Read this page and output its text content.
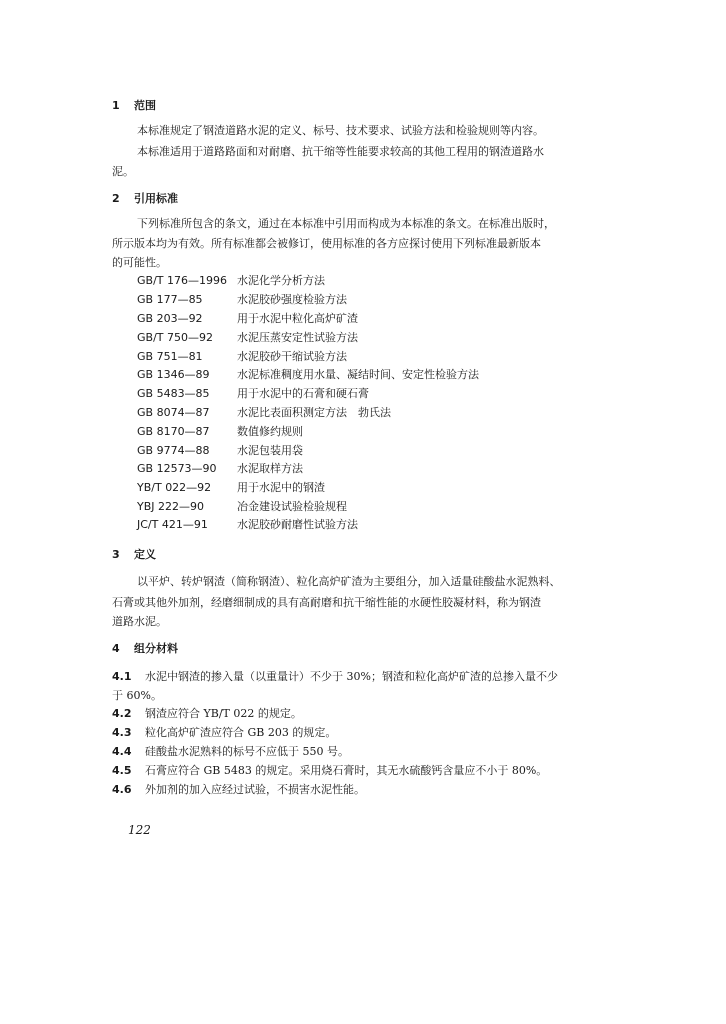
1 范围
本标准规定了钢渣道路水泥的定义、标号、技术要求、试验方法和检验规则等内容。
本标准适用于道路路面和对耐磨、抗干缩等性能要求较高的其他工程用的钢渣道路水
泥。
2 引用标准
下列标准所包含的条文，通过在本标准中引用而构成为本标准的条文。在标准出版时，
所示版本均为有效。所有标准都会被修订，使用标准的各方应探讨使用下列标准最新版本
的可能性。
GB/T 176—1996 水泥化学分析方法
GB 177—85	水泥胶砂强度检验方法
GB 203—92	用于水泥中粒化高炉矿渣
GB/T 750—92 水泥压蒸安定性试验方法
GB 751—81	水泥胶砂干缩试验方法
GB 1346—89 水泥标准稠度用水量、凝结时间、安定性检验方法
GB 5483—85 用于水泥中的石膏和硬石膏
GB 8074—87 水泥比表面积测定方法　勃氏法
GB 8170—87 数值修约规则
GB 9774—88 水泥包装用袋
GB 12573—90 水泥取样方法
YB/T 022—92 用于水泥中的钢渣
YBJ 222—90	冶金建设试验检验规程
JC/T 421—91	水泥胶砂耐磨性试验方法
3 定义
以平炉、转炉钢渣（简称钢渣）、粒化高炉矿渣为主要组分，加入适量硅酸盐水泥熟料、
石膏或其他外加剂，经磨细制成的具有高耐磨和抗干缩性能的水硬性胶凝材料，称为钢渣
道路水泥。
4 组分材料
4.1 水泥中钢渣的掺入量（以重量计）不少于 30%；钢渣和粒化高炉矿渣的总掺入量不少
于 60%。
4.2 钢渣应符合 YB/T 022 的规定。
4.3 粒化高炉矿渣应符合 GB 203 的规定。
4.4 硅酸盐水泥熟料的标号不应低于 550 号。
4.5 石膏应符合 GB 5483 的规定。采用烧石膏时，其无水硫酸钙含量应不小于 80%。
4.6 外加剂的加入应经过试验，不损害水泥性能。
122
